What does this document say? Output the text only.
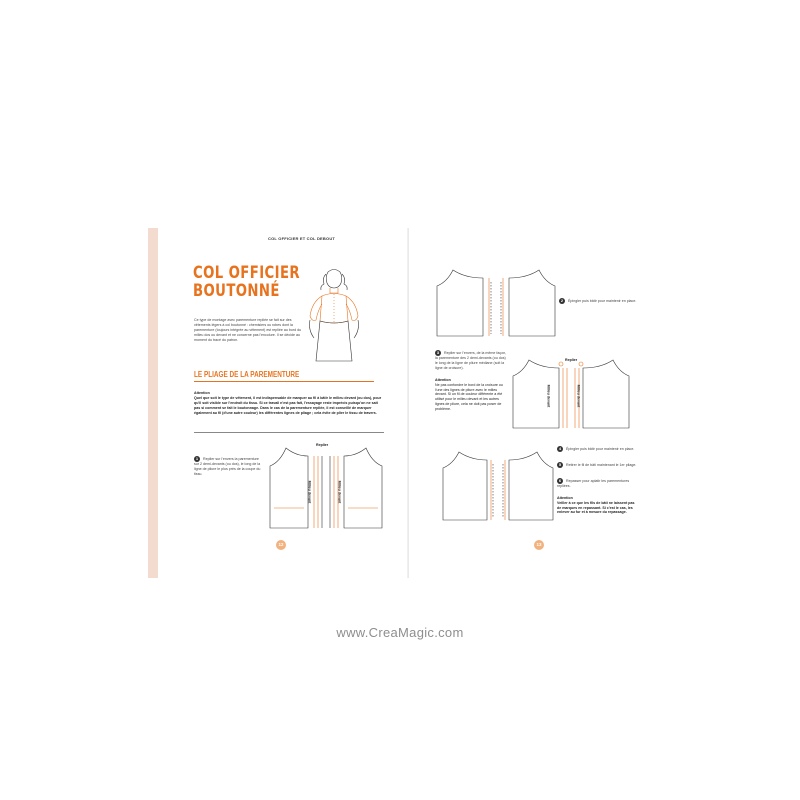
COL OFFICIER ET COL DEBOUT
COL OFFICIER
BOUTONNÉ
Ce type de montage avec parementure repliée se fait sur des vêtements légers à col boutonné : chemisiers ou robes dont la parementure (toujours intégrée au vêtement) est repliée au bord du milieu dos ou devant et ne concerne pas l'encolure. Il se décide au moment du tracé du patron.
LE PLIAGE DE LA PAREMENTURE
Attention
Quel que soit le type de vêtement, il est indispensable de marquer au fil à bâtir le milieu devant (ou dos), pour qu'il soit visible sur l'endroit du tissu. Si ce travail n'est pas fait, l'essayage reste imprécis puisqu'on ne sait pas si comment se fait le boutonnage. Dans le cas de la parementure repliée, il est conseillé de marquer également au fil (d'une autre couleur) les différentes lignes de pliage ; cela évite de plier le tissu de travers.
1 Replier sur l'envers la parementure sur 2 demi-devants (ou dos), le long de la ligne de pliure le plus près de la coupe du tissu.
Replier
Milieu devant	Milieu devant
12
2 Épingler puis bâtir pour maintenir en place.
3 Replier sur l'envers, de la même façon, la parementure des 2 demi-devants (ou dos) le long de la ligne de pliure médiane (soit la ligne de croisure).
Attention
Ne pas confondre le bord de la croisure ou l'une des lignes de pliure avec le milieu devant. Si un fil de couleur différente a été utilisé pour le milieu devant et les autres lignes de pliure, cela ne doit pas poser de problème.
Replier
Milieu devant	Milieu devant
4 Épingler puis bâtir pour maintenir en place.
5 Retirer le fil de bâti maintenant le 1er pliage.
6 Repasser pour aplatir les parementures repliées.
Attention
Veiller à ce que les fils de bâti ne laissent pas de marques en repassant. Si c'est le cas, les enlever au fur et à mesure du repassage.
13
www.CreaMagic.com
